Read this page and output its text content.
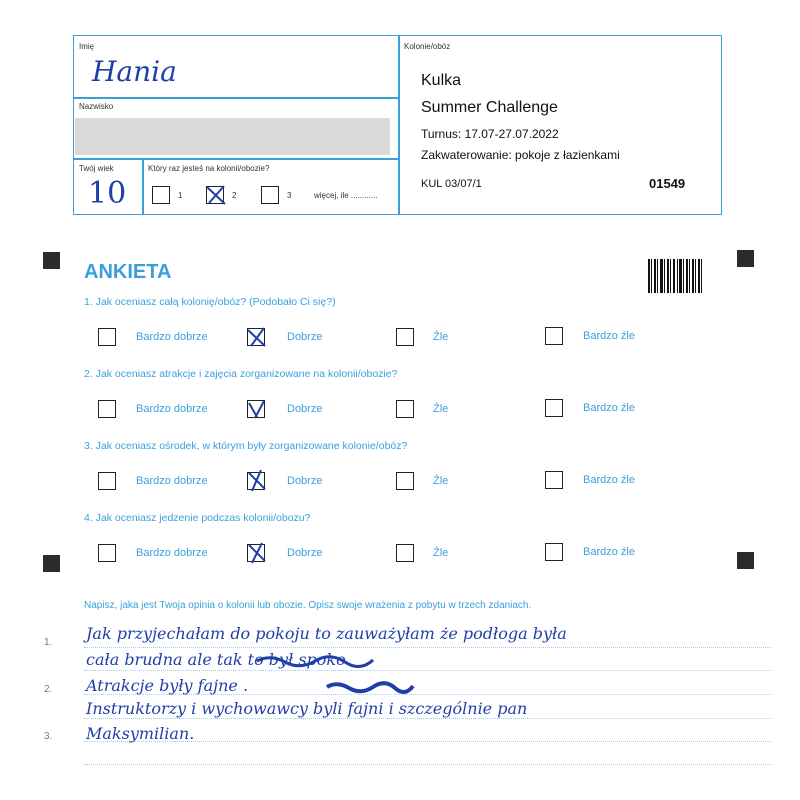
Imię
Hania
Nazwisko
Twój wiek
10
Który raz jesteś na kolonii/obozie?
1	2	3	więcej, ile ............
Kolonie/obóz
Kulka
Summer Challenge
Turnus: 17.07-27.07.2022
Zakwaterowanie: pokoje z łazienkami
KUL 03/07/1	01549
ANKIETA
1. Jak oceniasz całą kolonię/obóz? (Podobało Ci się?)
Bardzo dobrze	Dobrze	Źle	Bardzo źle
2. Jak oceniasz atrakcje i zajęcia zorganizowane na kolonii/obozie?
Bardzo dobrze	Dobrze	Źle	Bardzo źle
3. Jak oceniasz ośrodek, w którym były zorganizowane kolonie/obóz?
Bardzo dobrze	Dobrze	Źle	Bardzo źle
4. Jak oceniasz jedzenie podczas kolonii/obozu?
Bardzo dobrze	Dobrze	Źle	Bardzo źle
Napisz, jaka jest Twoja opinia o kolonii lub obozie. Opisz swoje wrażenia z pobytu w trzech zdaniach.
1.
2.
3.
Jak przyjechałam do pokoju to zauważyłam że podłoga była
cała brudna ale tak to był spoko.
Atrakcje były fajne .
Instruktorzy i wychowawcy byli fajni i szczególnie pan
Maksymilian.
